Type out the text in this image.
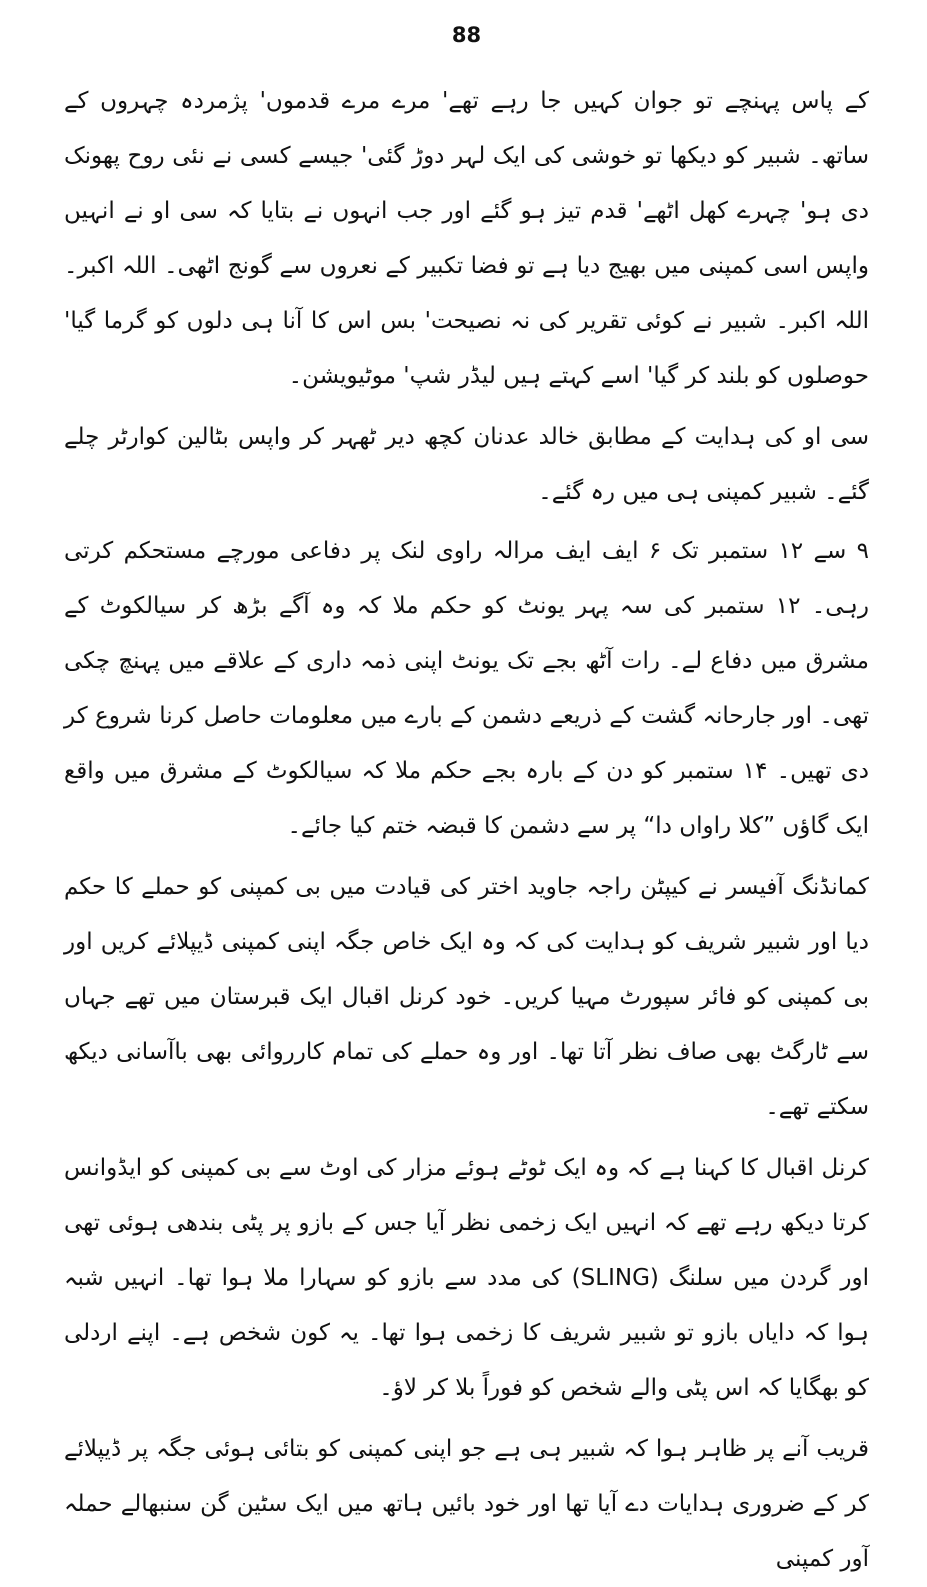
88

کے پاس پہنچے تو جوان کہیں جا رہے تھے' مرے مرے قدموں' پژمردہ چہروں کے ساتھ۔ شبیر کو دیکھا تو خوشی کی ایک لہر دوڑ گئی' جیسے کسی نے نئی روح پھونک دی ہو' چہرے کھل اٹھے' قدم تیز ہو گئے اور جب انہوں نے بتایا کہ سی او نے انہیں واپس اسی کمپنی میں بھیج دیا ہے تو فضا تکبیر کے نعروں سے گونج اٹھی۔ اللہ اکبر۔ اللہ اکبر۔ شبیر نے کوئی تقریر کی نہ نصیحت' بس اس کا آنا ہی دلوں کو گرما گیا' حوصلوں کو بلند کر گیا' اسے کہتے ہیں لیڈر شپ' موٹیویشن۔

سی او کی ہدایت کے مطابق خالد عدنان کچھ دیر ٹھہر کر واپس بٹالین کوارٹر چلے گئے۔ شبیر کمپنی ہی میں رہ گئے۔

۹ سے ۱۲ ستمبر تک ۶ ایف ایف مرالہ راوی لنک پر دفاعی مورچے مستحکم کرتی رہی۔ ۱۲ ستمبر کی سہ پہر یونٹ کو حکم ملا کہ وہ آگے بڑھ کر سیالکوٹ کے مشرق میں دفاع لے۔ رات آٹھ بجے تک یونٹ اپنی ذمہ داری کے علاقے میں پہنچ چکی تھی۔ اور جارحانہ گشت کے ذریعے دشمن کے بارے میں معلومات حاصل کرنا شروع کر دی تھیں۔ ۱۴ ستمبر کو دن کے بارہ بجے حکم ملا کہ سیالکوٹ کے مشرق میں واقع ایک گاؤں ”کلا راواں دا“ پر سے دشمن کا قبضہ ختم کیا جائے۔

کمانڈنگ آفیسر نے کیپٹن راجہ جاوید اختر کی قیادت میں بی کمپنی کو حملے کا حکم دیا اور شبیر شریف کو ہدایت کی کہ وہ ایک خاص جگہ اپنی کمپنی ڈیپلائے کریں اور بی کمپنی کو فائر سپورٹ مہیا کریں۔ خود کرنل اقبال ایک قبرستان میں تھے جہاں سے ٹارگٹ بھی صاف نظر آتا تھا۔ اور وہ حملے کی تمام کارروائی بھی باآسانی دیکھ سکتے تھے۔

کرنل اقبال کا کہنا ہے کہ وہ ایک ٹوٹے ہوئے مزار کی اوٹ سے بی کمپنی کو ایڈوانس کرتا دیکھ رہے تھے کہ انہیں ایک زخمی نظر آیا جس کے بازو پر پٹی بندھی ہوئی تھی اور گردن میں سلنگ (SLING) کی مدد سے بازو کو سہارا ملا ہوا تھا۔ انہیں شبہ ہوا کہ دایاں بازو تو شبیر شریف کا زخمی ہوا تھا۔ یہ کون شخص ہے۔ اپنے اردلی کو بھگایا کہ اس پٹی والے شخص کو فوراً بلا کر لاؤ۔

قریب آنے پر ظاہر ہوا کہ شبیر ہی ہے جو اپنی کمپنی کو بتائی ہوئی جگہ پر ڈیپلائے کر کے ضروری ہدایات دے آیا تھا اور خود بائیں ہاتھ میں ایک سٹین گن سنبھالے حملہ آور کمپنی
